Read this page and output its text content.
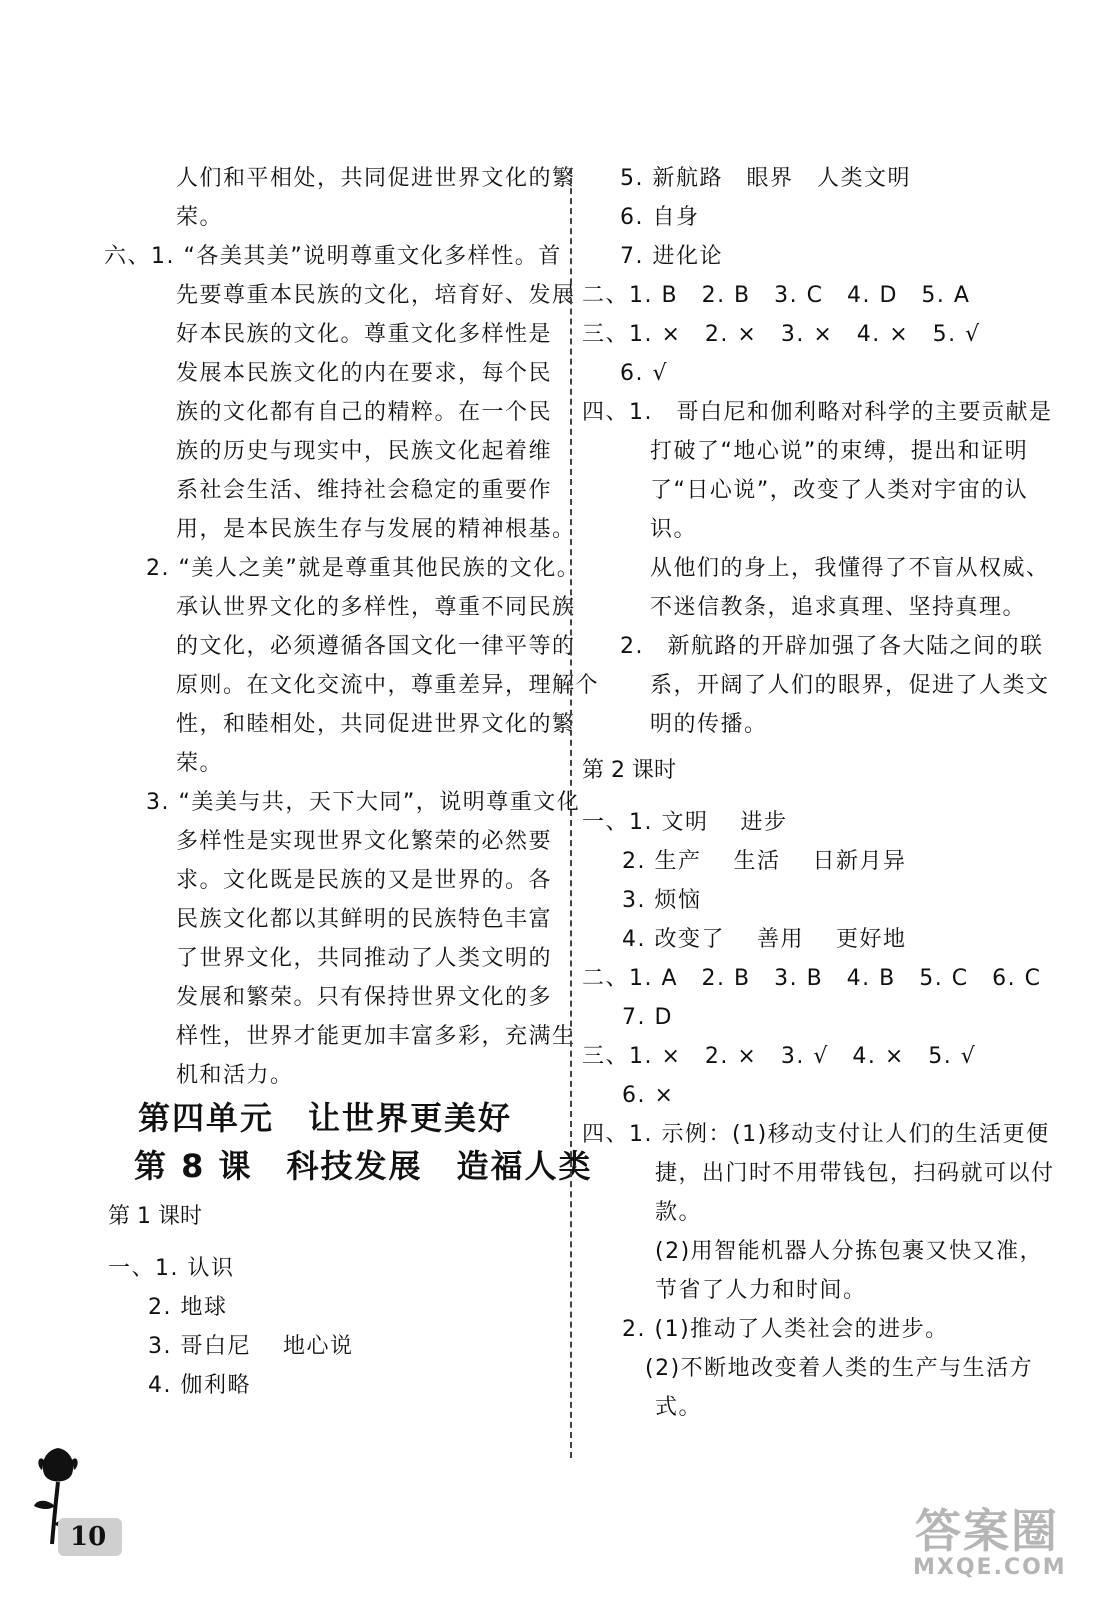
人们和平相处，共同促进世界文化的繁
荣。
六、1. “各美其美”说明尊重文化多样性。首
先要尊重本民族的文化，培育好、发展
好本民族的文化。尊重文化多样性是
发展本民族文化的内在要求，每个民
族的文化都有自己的精粹。在一个民
族的历史与现实中，民族文化起着维
系社会生活、维持社会稳定的重要作
用，是本民族生存与发展的精神根基。
2. “美人之美”就是尊重其他民族的文化。
承认世界文化的多样性，尊重不同民族
的文化，必须遵循各国文化一律平等的
原则。在文化交流中，尊重差异，理解个
性，和睦相处，共同促进世界文化的繁
荣。
3. “美美与共，天下大同”，说明尊重文化
多样性是实现世界文化繁荣的必然要
求。文化既是民族的又是世界的。各
民族文化都以其鲜明的民族特色丰富
了世界文化，共同推动了人类文明的
发展和繁荣。只有保持世界文化的多
样性，世界才能更加丰富多彩，充满生
机和活力。
第四单元　让世界更美好
第 8 课　科技发展　造福人类
第 1 课时
一、1. 认识
2. 地球
3. 哥白尼　 地心说
4. 伽利略
5. 新航路　眼界　人类文明
6. 自身
7. 进化论
二、1. B　2. B　3. C　4. D　5. A
三、1. ×　2. ×　3. ×　4. ×　5. √
6. √
四、1.　哥白尼和伽利略对科学的主要贡献是
打破了“地心说”的束缚，提出和证明
了“日心说”，改变了人类对宇宙的认
识。
从他们的身上，我懂得了不盲从权威、
不迷信教条，追求真理、坚持真理。
2.　新航路的开辟加强了各大陆之间的联
系，开阔了人们的眼界，促进了人类文
明的传播。
第 2 课时
一、1. 文明　 进步
2. 生产　 生活　 日新月异
3. 烦恼
4. 改变了　 善用　 更好地
二、1. A　2. B　3. B　4. B　5. C　6. C
7. D
三、1. ×　2. ×　3. √　4. ×　5. √
6. ×
四、1. 示例：(1)移动支付让人们的生活更便
捷，出门时不用带钱包，扫码就可以付
款。
(2)用智能机器人分拣包裹又快又准，
节省了人力和时间。
2. (1)推动了人类社会的进步。
(2)不断地改变着人类的生产与生活方
式。
10	答案圈
MXQE.COM
